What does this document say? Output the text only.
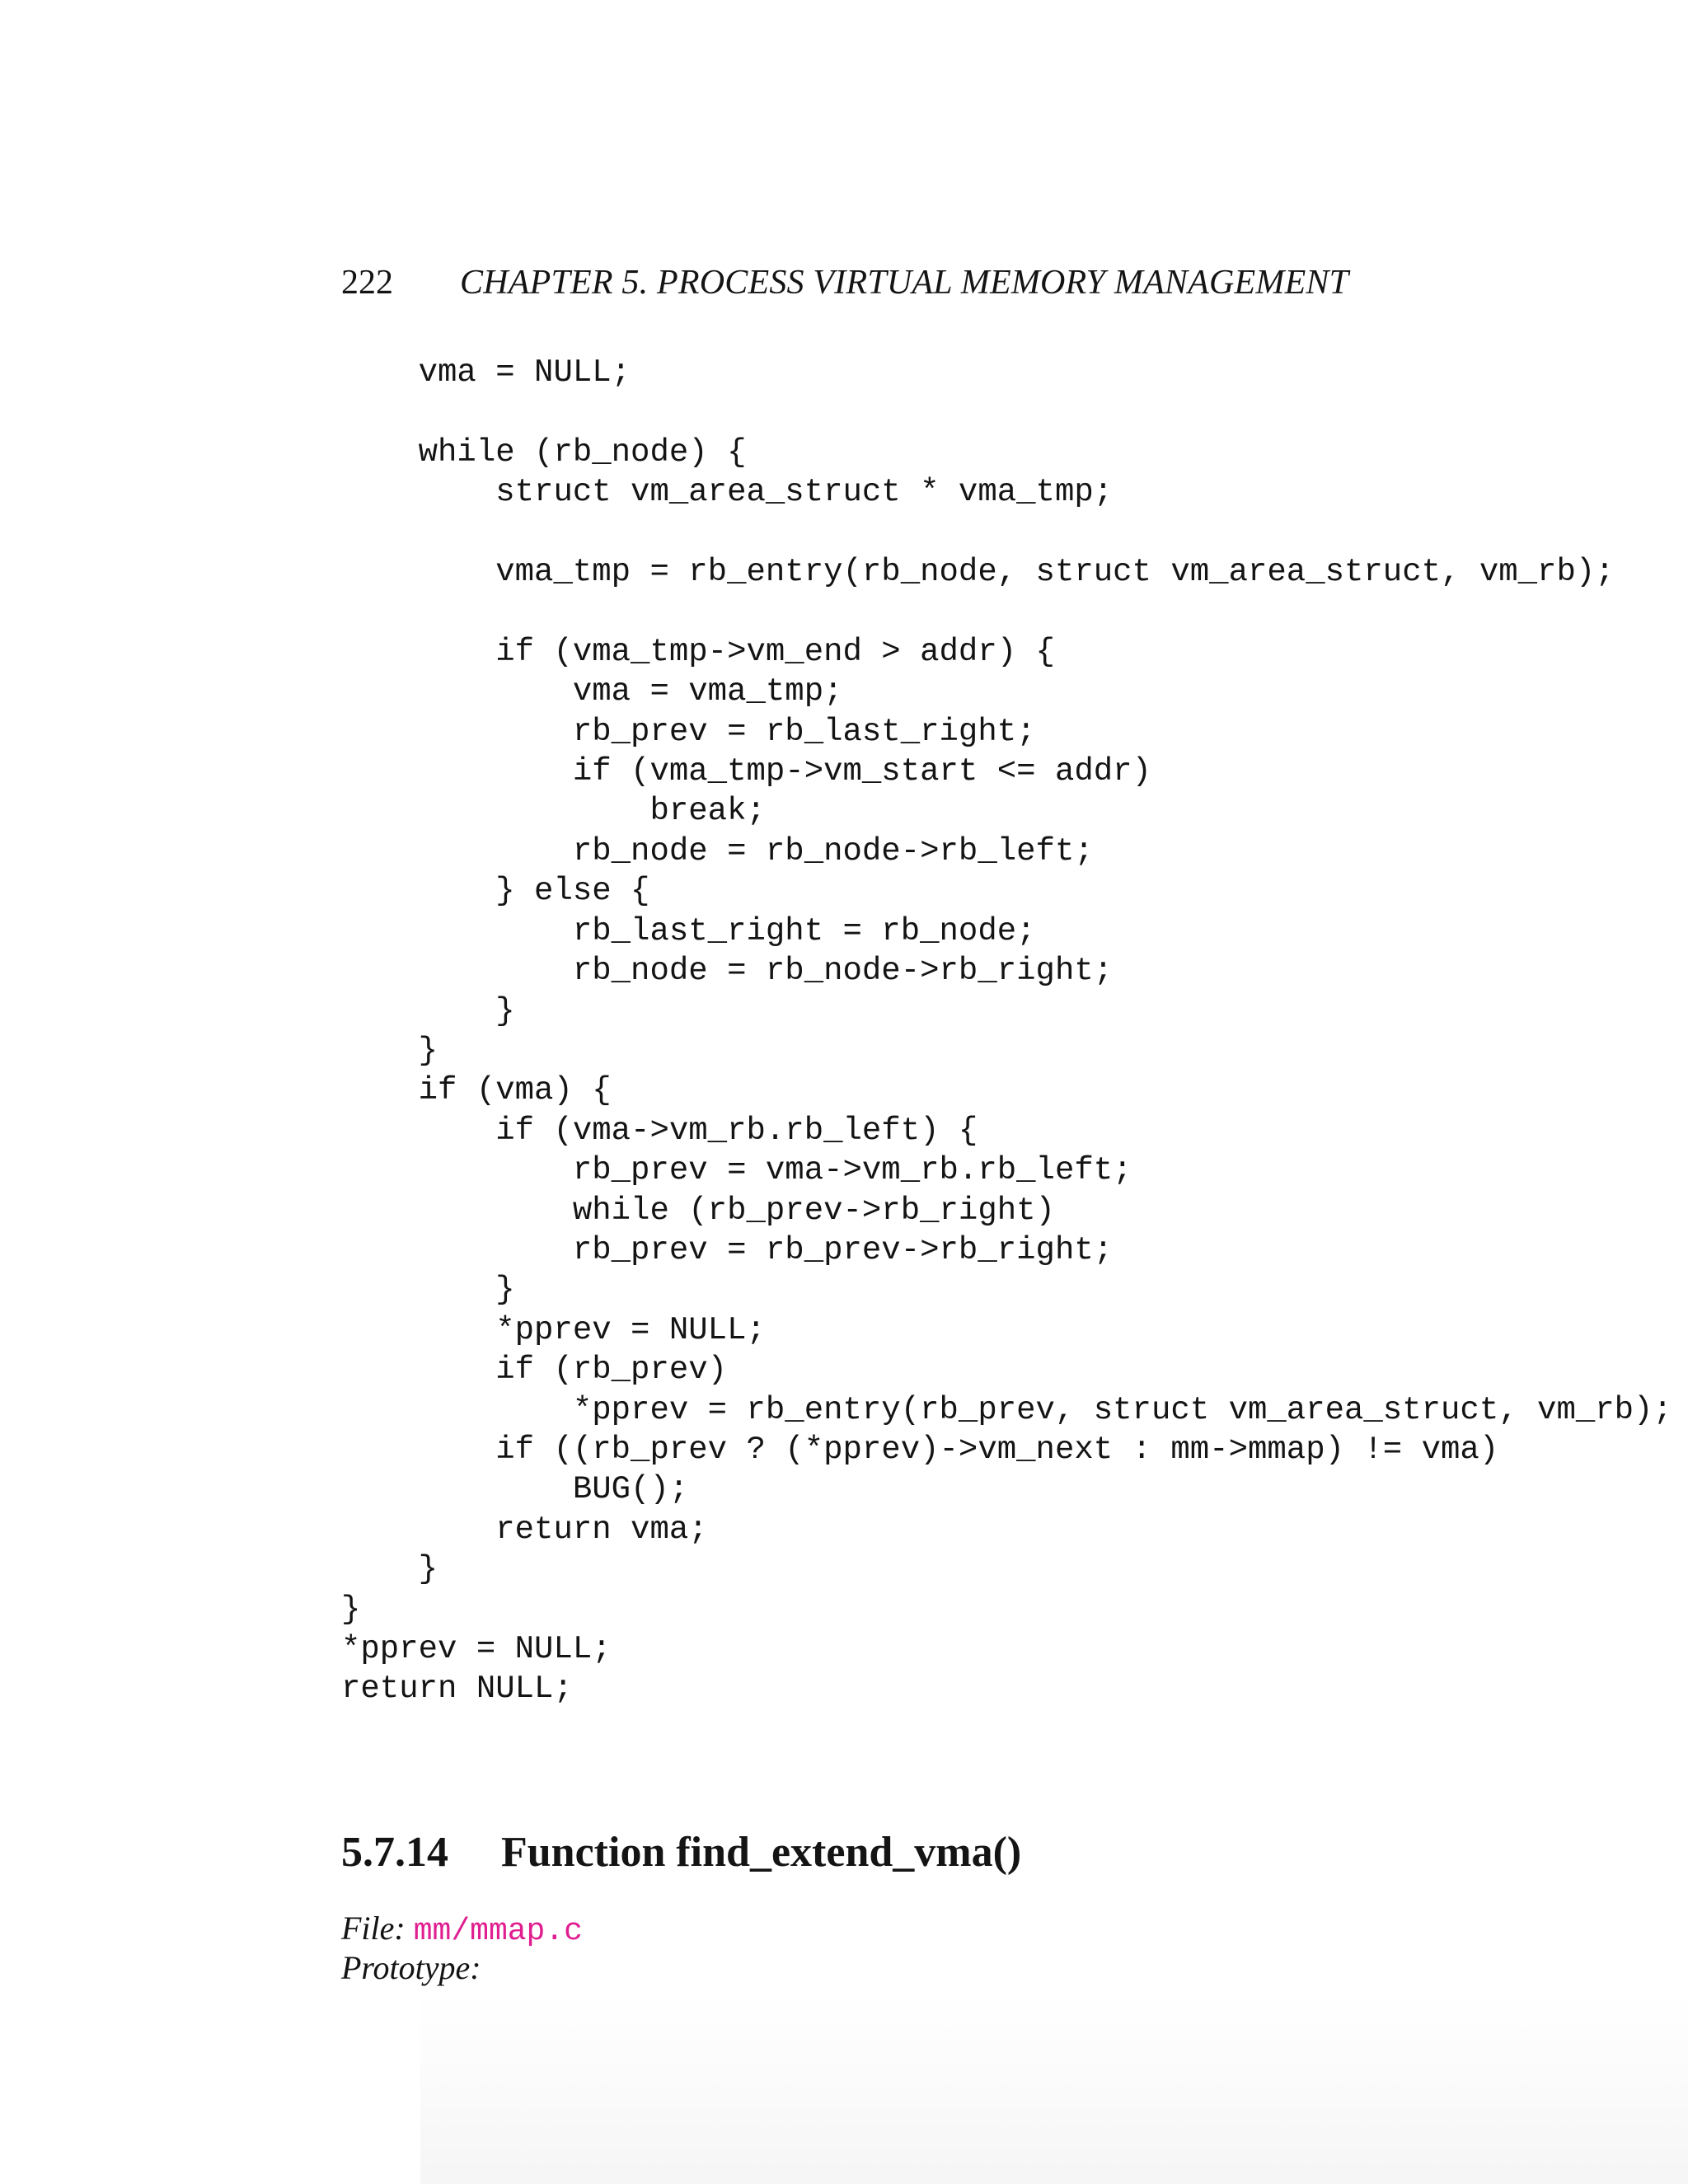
222 CHAPTER 5. PROCESS VIRTUAL MEMORY MANAGEMENT
vma = NULL;

while (rb_node) {
struct vm_area_struct * vma_tmp;

vma_tmp = rb_entry(rb_node, struct vm_area_struct, vm_rb);

if (vma_tmp->vm_end > addr) {
vma = vma_tmp;
rb_prev = rb_last_right;
if (vma_tmp->vm_start <= addr)
break;
rb_node = rb_node->rb_left;
} else {
rb_last_right = rb_node;
rb_node = rb_node->rb_right;
}
}
if (vma) {
if (vma->vm_rb.rb_left) {
rb_prev = vma->vm_rb.rb_left;
while (rb_prev->rb_right)
rb_prev = rb_prev->rb_right;
}
*pprev = NULL;
if (rb_prev)
*pprev = rb_entry(rb_prev, struct vm_area_struct, vm_rb);
if ((rb_prev ? (*pprev)->vm_next : mm->mmap) != vma)
BUG();
return vma;
}
}
*pprev = NULL;
return NULL;

5.7.14 Function find_extend_vma()
File: mm/mmap.c
Prototype:
